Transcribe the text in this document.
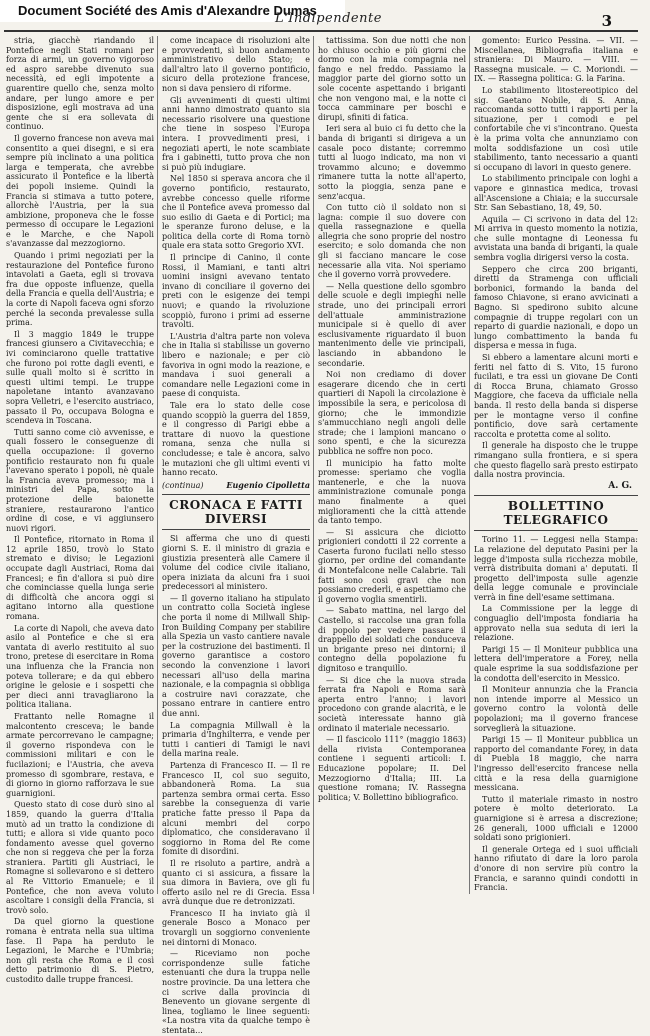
Document Société des Amis d'Alexandre Dumas
L'Indipendente	3

stria, giacchè riandando il Pontefice negli Stati romani per forza di armi, un governo vigoroso ed aspro sarebbe divenuto sua necessità, ed egli impotente a guarentire quello che, senza molto andare, per lungo amore e per disposizione, egli mostrava ad una gente che si era sollevata di continuo.

Il governo francese non aveva mai consentito a quei disegni, e si era sempre più inclinato a una politica larga e temperata, che avrebbe assicurato il Pontefice e la libertà dei popoli insieme. Quindi la Francia si stimava a tutto potere, allorchè l'Austria, per la sua ambizione, proponeva che le fosse permesso di occupare le Legazioni e le Marche, e che Napoli s'avanzasse dal mezzogiorno.

Quando i primi negoziati per la restaurazione del Pontefice furono intavolati a Gaeta, egli si trovava fra due opposte influenze, quella della Francia e quella dell'Austria; e la corte di Napoli faceva ogni sforzo perché la seconda prevalesse sulla prima.

Il 3 maggio 1849 le truppe francesi giunsero a Civitavecchia; e ivi cominciarono quelle trattative che furono poi rotte dagli eventi, e sulle quali molto si è scritto in questi ultimi tempi. Le truppe napoletane intanto avanzavano sopra Velletri, e l'esercito austriaco, passato il Po, occupava Bologna e scendeva in Toscana.

Tutti sanno come ciò avvenisse, e quali fossero le conseguenze di quella occupazione: il governo pontificio restaurato non fu quale l'avevano sperato i popoli, nè quale la Francia aveva promesso; ma i ministri del Papa, sotto la protezione delle baionette straniere, restaurarono l'antico ordine di cose, e vi aggiunsero nuovi rigori.

Il Pontefice, ritornato in Roma il 12 aprile 1850, trovò lo Stato stremato e diviso; le Legazioni occupate dagli Austriaci, Roma dai Francesi; e fin d'allora si può dire che cominciasse quella lunga serie di difficoltà che ancora oggi si agitano intorno alla questione romana.

La corte di Napoli, che aveva dato asilo al Pontefice e che si era vantata di averlo restituito al suo trono, pretese di esercitare in Roma una influenza che la Francia non poteva tollerare; e da qui ebbero origine le gelosie e i sospetti che per dieci anni travagliarono la politica italiana.

Frattanto nelle Romagne il malcontento cresceva; le bande armate percorrevano le campagne; il governo rispondeva con le commissioni militari e con le fucilazioni; e l'Austria, che aveva promesso di sgombrare, restava, e di giorno in giorno rafforzava le sue guarnigioni.

Questo stato di cose durò sino al 1859, quando la guerra d'Italia mutò ad un tratto la condizione di tutti; e allora si vide quanto poco fondamento avesse quel governo che non si reggeva che per la forza straniera. Partiti gli Austriaci, le Romagne si sollevarono e si dettero al Re Vittorio Emanuele; e il Pontefice, che non aveva voluto ascoltare i consigli della Francia, si trovò solo.

Da quel giorno la questione romana è entrata nella sua ultima fase. Il Papa ha perduto le Legazioni, le Marche e l'Umbria; non gli resta che Roma e il così detto patrimonio di S. Pietro, custodito dalle truppe francesi.

come incapace di risoluzioni alte e provvedenti, sì buon andamento amministrativo dello Stato; e dall'altro lato il governo pontificio, sicuro della protezione francese, non si dava pensiero di riforme.

Gli avvenimenti di questi ultimi anni hanno dimostrato quanto sia necessario risolvere una questione che tiene in sospeso l'Europa intera. I provvedimenti presi, i negoziati aperti, le note scambiate fra i gabinetti, tutto prova che non si può più indugiare.

Nel 1850 si sperava ancora che il governo pontificio, restaurato, avrebbe concesso quelle riforme che il Pontefice aveva promesso dal suo esilio di Gaeta e di Portici; ma le speranze furono deluse, e la politica della corte di Roma tornò quale era stata sotto Gregorio XVI.

Il principe di Canino, il conte Rossi, il Mamiani, e tanti altri uomini insigni avevano tentato invano di conciliare il governo dei preti con le esigenze dei tempi nuovi; e quando la rivoluzione scoppiò, furono i primi ad esserne travolti.

L'Austria d'altra parte non voleva che in Italia si stabilisse un governo libero e nazionale; e per ciò favoriva in ogni modo la reazione, e mandava i suoi generali a comandare nelle Legazioni come in paese di conquista.

Tale era lo stato delle cose quando scoppiò la guerra del 1859, e il congresso di Parigi ebbe a trattare di nuovo la questione romana, senza che nulla si concludesse; e tale è ancora, salvo le mutazioni che gli ultimi eventi vi hanno recato.

(continua)	Eugenio Cipolletta
CRONACA E FATTI DIVERSI

Si afferma che uno di questi giorni S. E. il ministro di grazia e giustizia presenterà alle Camere il volume del codice civile italiano, opera iniziata da alcuni fra i suoi predecessori al ministero.

— Il governo italiano ha stipulato un contratto colla Società inglese che porta il nome di Millwall Ship-Iron Building Company per stabilire alla Spezia un vasto cantiere navale per la costruzione dei bastimenti. Il governo garantisce a costoro secondo la convenzione i lavori necessari all'uso della marina nazionale, e la compagnia si obbliga a costruire navi corazzate, che possano entrare in cantiere entro due anni.

La compagnia Millwall è la primaria d'Inghilterra, e vende per tutti i cantieri di Tamigi le navi della marina reale.

Partenza di Francesco II. — Il re Francesco II, col suo seguito, abbandonerà Roma. La sua partenza sembra ormai certa. Esso sarebbe la conseguenza di varie pratiche fatte presso il Papa da alcuni membri del corpo diplomatico, che consideravano il soggiorno in Roma del Re come fomite di disordini.

Il re risoluto a partire, andrà a quanto ci si assicura, a fissare la sua dimora in Baviera, ove gli fu offerto asilo nel re di Grecia. Essa avrà dunque due re detronizzati.

Francesco II ha inviato già il generale Bosco a Monaco per trovargli un soggiorno conveniente nei dintorni di Monaco.

— Riceviamo non poche corrispondenze sulle fatiche estenuanti che dura la truppa nelle nostre provincie. Da una lettera che ci scrive dalla provincia di Benevento un giovane sergente di linea, togliamo le linee seguenti: «La nostra vita da qualche tempo è stentata...

tattissima. Son due notti che non ho chiuso occhio e più giorni che dormo con la mia compagnia nel fango e nel freddo. Passiamo la maggior parte del giorno sotto un sole cocente aspettando i briganti che non vengono mai, e la notte ci tocca camminare per boschi e dirupi, sfiniti di fatica.

Ieri sera al buio ci fu detto che la banda di briganti si dirigeva a un casale poco distante; corremmo tutti al luogo indicato, ma non vi trovammo alcuno; e dovemmo rimanere tutta la notte all'aperto, sotto la pioggia, senza pane e senz'acqua.

Con tutto ciò il soldato non si lagna: compie il suo dovere con quella rassegnazione e quella allegria che sono proprie del nostro esercito; e solo domanda che non gli si facciano mancare le cose necessarie alla vita. Noi speriamo che il governo vorrà provvedere.

— Nella questione dello sgombro delle scuole e degli impieghi nelle strade, uno dei principali errori dell'attuale amministrazione municipale si è quello di aver esclusivamente riguardato il buon mantenimento delle vie principali, lasciando in abbandono le secondarie.

Noi non crediamo di dover esagerare dicendo che in certi quartieri di Napoli la circolazione è impossibile la sera, e pericolosa di giorno; che le immondizie s'ammucchiano negli angoli delle strade; che i lampioni mancano o sono spenti, e che la sicurezza pubblica ne soffre non poco.

Il municipio ha fatto molte promesse: speriamo che voglia mantenerle, e che la nuova amministrazione comunale ponga mano finalmente a quei miglioramenti che la città attende da tanto tempo.

— Si assicura che diciotto prigionieri condotti il 22 corrente a Caserta furono fucilati nello stesso giorno, per ordine del comandante di Montefalcone nelle Calabrie. Tali fatti sono così gravi che non possiamo crederli, e aspettiamo che il governo voglia smentirli.

— Sabato mattina, nel largo del Castello, si raccolse una gran folla di popolo per vedere passare il drappello dei soldati che conduceva un brigante preso nei dintorni; il contegno della popolazione fu dignitoso e tranquillo.

— Si dice che la nuova strada ferrata fra Napoli e Roma sarà aperta entro l'anno; i lavori procedono con grande alacrità, e le società interessate hanno già ordinato il materiale necessario.

— Il fascicolo 111° (maggio 1863) della rivista Contemporanea contiene i seguenti articoli: I. Educazione popolare; II. Del Mezzogiorno d'Italia; III. La questione romana; IV. Rassegna politica; V. Bollettino bibliografico.

gomento: Eurico Pessina. — VII. — Miscellanea, Bibliografia italiana e straniera: Di Mauro. — VIII. — Rassegna musicale. — C. Moriondi. — IX. — Rassegna politica: G. la Farina.

Lo stabilimento litostereotipico del sig. Gaetano Nobile, di S. Anna, raccomanda sotto tutti i rapporti per la situazione, per i comodi e pel confortabile che vi s'incontrano. Questa è la prima volta che annunziamo con molta soddisfazione un così utile stabilimento, tanto necessario a quanti si occupano di lavori in questo genere.

Lo stabilimento principale con loghi a vapore e ginnastica medica, trovasi all'Ascensione a Chiaia; e la succursale Str. San Sebastiano, 18, 49, 50.

Aquila — Ci scrivono in data del 12: Mi arriva in questo momento la notizia, che sulle montagne di Leonessa fu avvistata una banda di briganti, la quale sembra voglia dirigersi verso la costa.

Seppero che circa 200 briganti, diretti da Stramenga con ufficiali borbonici, formando la banda del famoso Chiavone, si erano avvicinati a Bagno. Si spedirono subito alcune compagnie di truppe regolari con un reparto di guardie nazionali, e dopo un lungo combattimento la banda fu dispersa e messa in fuga.

Si ebbero a lamentare alcuni morti e feriti nel fatto di S. Vito, 15 furono fucilati, e tra essi un giovane De Conti di Rocca Bruna, chiamato Grosso Maggiore, che faceva da ufficiale nella banda. Il resto della banda si disperse per le montagne verso il confine pontificio, dove sarà certamente raccolta e protetta come al solito.

Il generale ha disposto che le truppe rimangano sulla frontiera, e si spera che questo flagello sarà presto estirpato dalla nostra provincia.

A. G.
BOLLETTINO TELEGRAFICO

Torino 11. — Leggesi nella Stampa: La relazione del deputato Pasini per la legge d'imposta sulla ricchezza mobile, verrà distribuita domani a' deputati. Il progetto dell'imposta sulle agenzie della legge comunale e provinciale verrà in fine dell'esame settimana.

La Commissione per la legge di conguaglio dell'imposta fondiaria ha approvato nella sua seduta di ieri la relazione.

Parigi 15 — Il Moniteur pubblica una lettera dell'imperatore a Forey, nella quale esprime la sua soddisfazione per la condotta dell'esercito in Messico.

Il Moniteur annunzia che la Francia non intende imporre al Messico un governo contro la volontà delle popolazioni; ma il governo francese sorveglierà la situazione.

Parigi 15 — Il Moniteur pubblica un rapporto del comandante Forey, in data di Puebla 18 maggio, che narra l'ingresso dell'esercito francese nella città e la resa della guarnigione messicana.

Tutto il materiale rimasto in nostro potere è molto deteriorato. La guarnigione si è arresa a discrezione; 26 generali, 1000 ufficiali e 12000 soldati sono prigionieri.

Il generale Ortega ed i suoi ufficiali hanno rifiutato di dare la loro parola d'onore di non servire più contro la Francia, e saranno quindi condotti in Francia.
